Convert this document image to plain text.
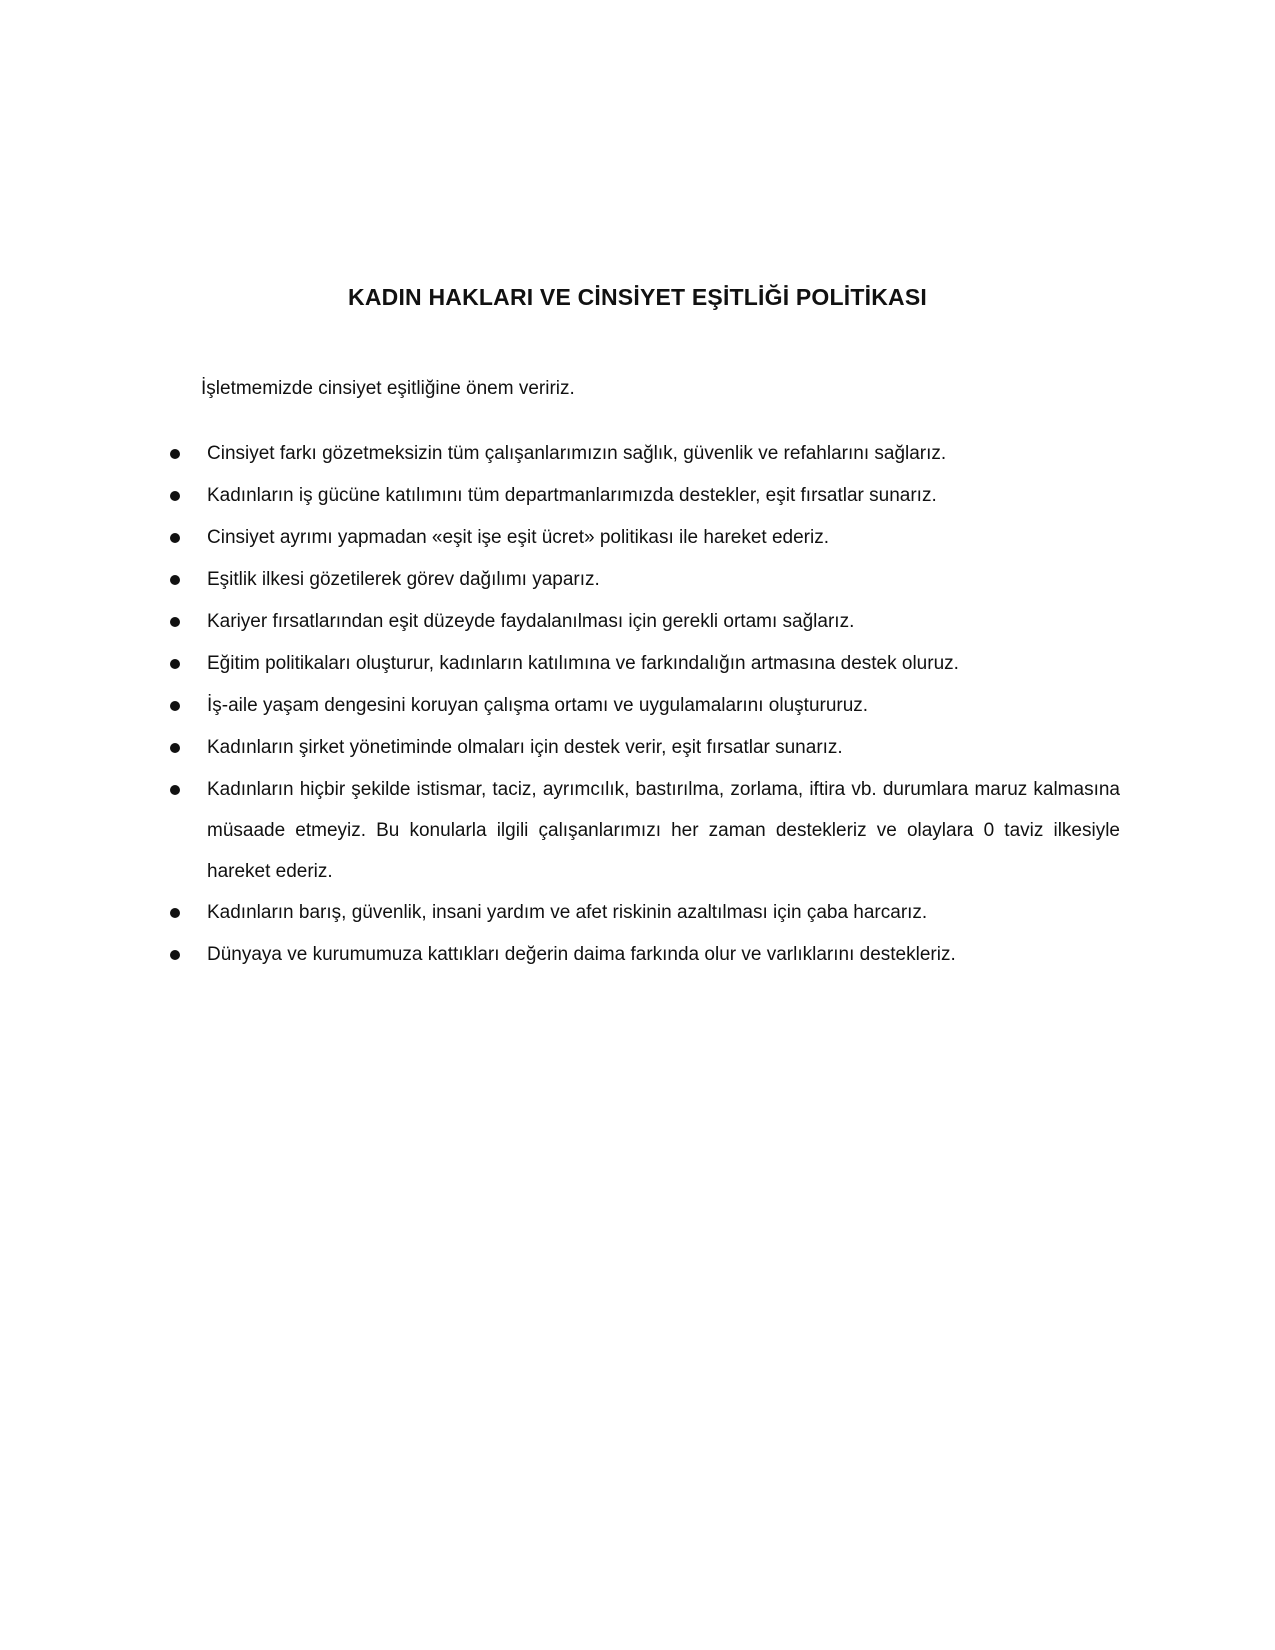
KADIN HAKLARI VE CİNSİYET EŞİTLİĞİ POLİTİKASI
İşletmemizde cinsiyet eşitliğine önem veririz.
Cinsiyet farkı gözetmeksizin tüm çalışanlarımızın sağlık, güvenlik ve refahlarını sağlarız.
Kadınların iş gücüne katılımını tüm departmanlarımızda destekler, eşit fırsatlar sunarız.
Cinsiyet ayrımı yapmadan «eşit işe eşit ücret» politikası ile hareket ederiz.
Eşitlik ilkesi gözetilerek görev dağılımı yaparız.
Kariyer fırsatlarından eşit düzeyde faydalanılması için gerekli ortamı sağlarız.
Eğitim politikaları oluşturur, kadınların katılımına ve farkındalığın artmasına destek oluruz.
İş-aile yaşam dengesini koruyan çalışma ortamı ve uygulamalarını oluştururuz.
Kadınların şirket yönetiminde olmaları için destek verir, eşit fırsatlar sunarız.
Kadınların hiçbir şekilde istismar, taciz, ayrımcılık, bastırılma, zorlama, iftira vb. durumlara maruz kalmasına müsaade etmeyiz. Bu konularla ilgili çalışanlarımızı her zaman destekleriz ve olaylara 0 taviz ilkesiyle hareket ederiz.
Kadınların barış, güvenlik, insani yardım ve afet riskinin azaltılması için çaba harcarız.
Dünyaya ve kurumumuza kattıkları değerin daima farkında olur ve varlıklarını destekleriz.
